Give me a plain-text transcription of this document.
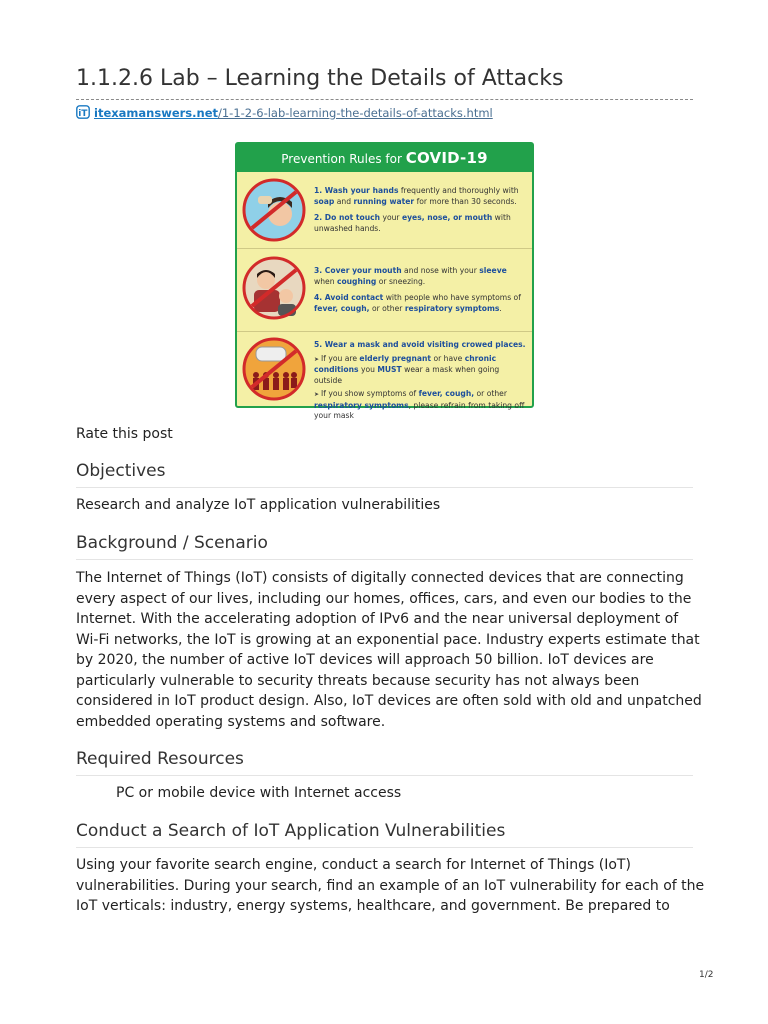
1.1.2.6 Lab – Learning the Details of Attacks
iT itexamanswers.net/1-1-2-6-lab-learning-the-details-of-attacks.html
Prevention Rules for COVID-19

1. Wash your hands frequently and thoroughly with soap and running water for more than 30 seconds.

2. Do not touch your eyes, nose, or mouth with unwashed hands.

3. Cover your mouth and nose with your sleeve when coughing or sneezing.

4. Avoid contact with people who have symptoms of fever, cough, or other respiratory symptoms.

5. Wear a mask and avoid visiting crowed places.

➤ If you are elderly pregnant or have chronic conditions you MUST wear a mask when going outside

➤ If you show symptoms of fever, cough, or other respiratory symptoms, please refrain from taking off your mask

Rate this post

Objectives

Research and analyze IoT application vulnerabilities

Background / Scenario
The Internet of Things (IoT) consists of digitally connected devices that are connecting
every aspect of our lives, including our homes, offices, cars, and even our bodies to the
Internet. With the accelerating adoption of IPv6 and the near universal deployment of
Wi-Fi networks, the IoT is growing at an exponential pace. Industry experts estimate that
by 2020, the number of active IoT devices will approach 50 billion. IoT devices are
particularly vulnerable to security threats because security has not always been
considered in IoT product design. Also, IoT devices are often sold with old and unpatched
embedded operating systems and software.
Required Resources

PC or mobile device with Internet access

Conduct a Search of IoT Application Vulnerabilities
Using your favorite search engine, conduct a search for Internet of Things (IoT)
vulnerabilities. During your search, find an example of an IoT vulnerability for each of the
IoT verticals: industry, energy systems, healthcare, and government. Be prepared to
1/2
